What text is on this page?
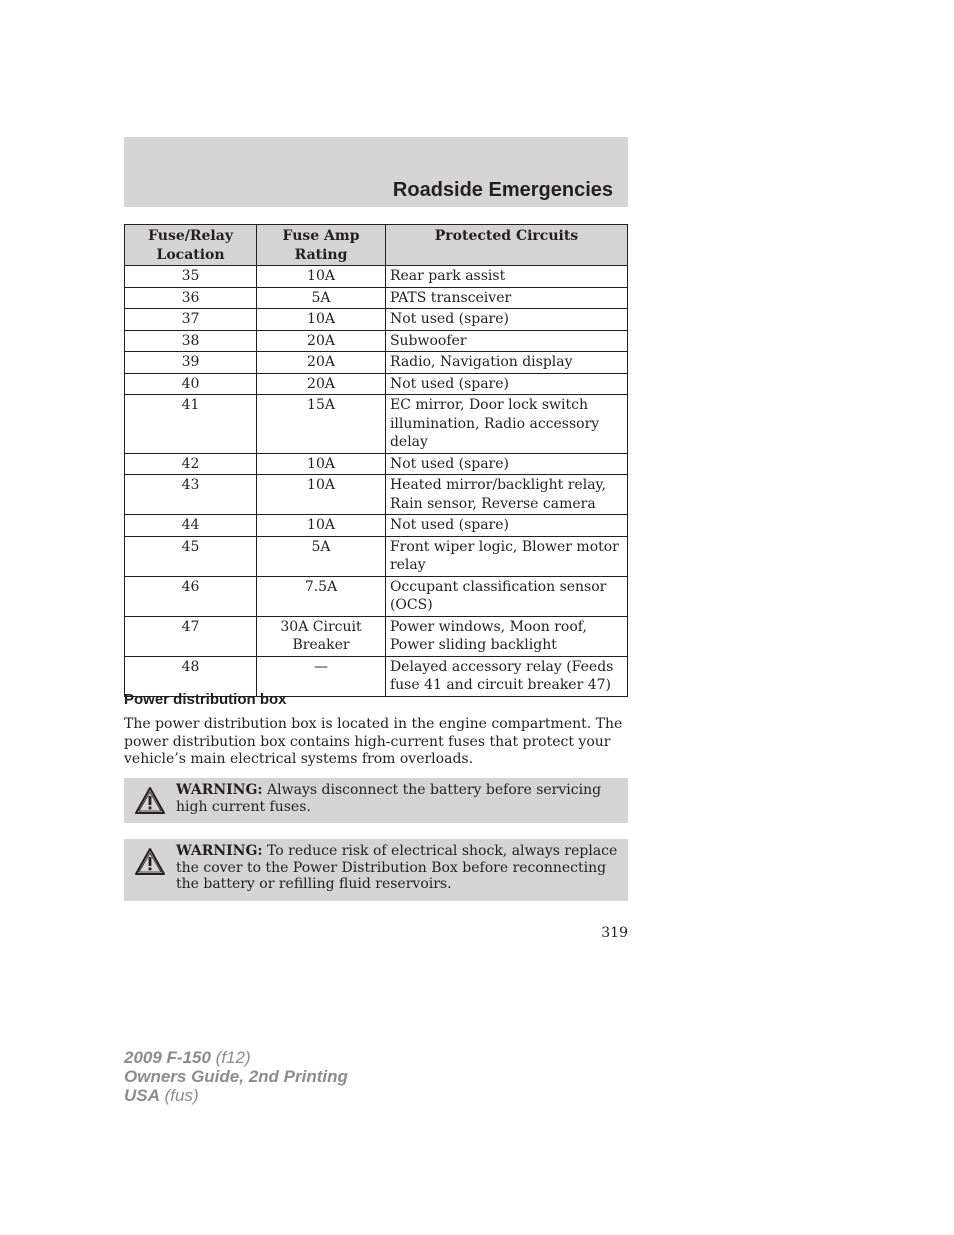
Roadside Emergencies
Fuse/Relay Location	Fuse Amp Rating	Protected Circuits
35	10A	Rear park assist
36	5A	PATS transceiver
37	10A	Not used (spare)
38	20A	Subwoofer
39	20A	Radio, Navigation display
40	20A	Not used (spare)
41	15A	EC mirror, Door lock switch illumination, Radio accessory delay
42	10A	Not used (spare)
43	10A	Heated mirror/backlight relay, Rain sensor, Reverse camera
44	10A	Not used (spare)
45	5A	Front wiper logic, Blower motor relay
46	7.5A	Occupant classification sensor (OCS)
47	30A Circuit Breaker	Power windows, Moon roof, Power sliding backlight
48	—	Delayed accessory relay (Feeds fuse 41 and circuit breaker 47)
Power distribution box
The power distribution box is located in the engine compartment. The power distribution box contains high-current fuses that protect your vehicle’s main electrical systems from overloads.
WARNING: Always disconnect the battery before servicing high current fuses.
WARNING: To reduce risk of electrical shock, always replace the cover to the Power Distribution Box before reconnecting the battery or refilling fluid reservoirs.
319
2009 F-150 (f12)
Owners Guide, 2nd Printing
USA (fus)
